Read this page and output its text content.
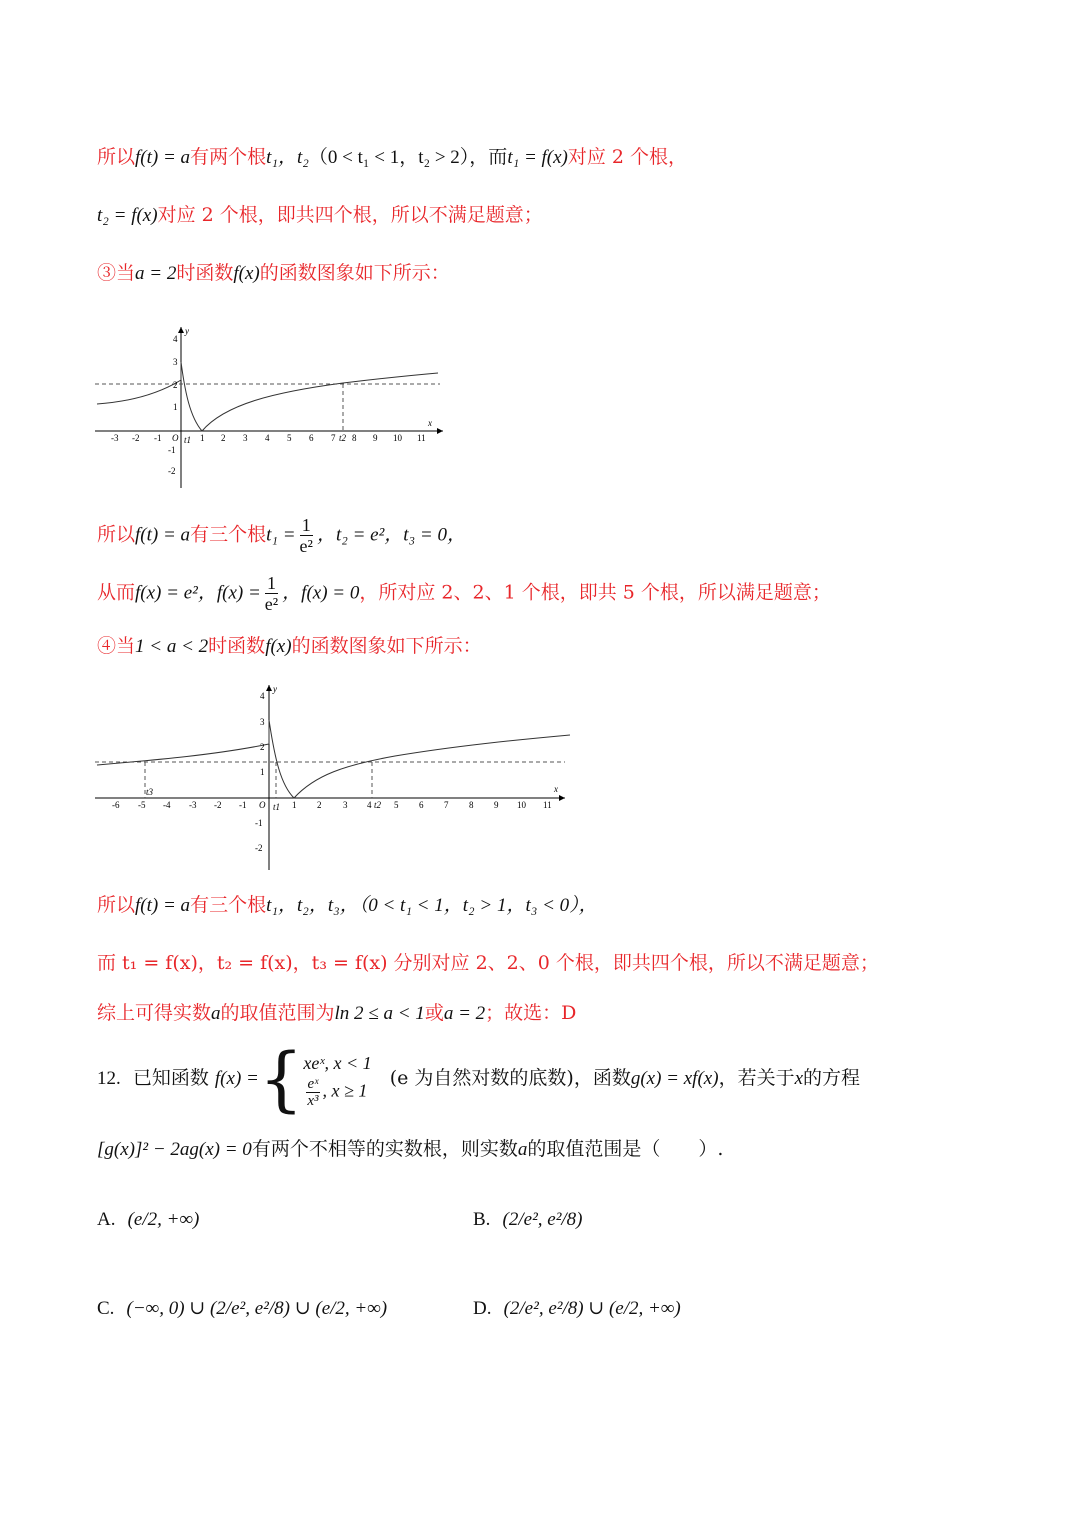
所以f(t) = a有两个根t₁，t₂（0 < t₁ < 1，t₂ > 2），而t₁ = f(x)对应 2 个根，
t₂ = f(x)对应 2 个根，即共四个根，所以不满足题意；
③当a = 2时函数f(x)的函数图象如下所示：
-3 -2 -1	1 2 3 4 5 6 7 8 9 10 11
4
3
2
1
-1
-2
O t1	t2
x
y
所以f(t) = a有三个根$t_1 = \frac{1}{\text{e²}}$ ，t₂ = e²，t₃ = 0，
从而f(x) = e²，$f(x) = \frac{1}{\text{e²}}$ ，f(x) = 0，所对应 2、2、1 个根，即共 5 个根，所以满足题意；
④当1 < a < 2时函数f(x)的函数图象如下所示：
-6 -5 -4 -3 -2 -1	1 2 3 4	5 6 7 8 9 10 11
4
3
2
1
-1
-2
O t1	t2
t3	x
y
所以f(t) = a有三个根t₁，t₂，t₃，（0 < t₁ < 1，t₂ > 1，t₃ < 0），
而 t₁ = f(x)，t₂ = f(x)，t₃ = f(x) 分别对应 2、2、0 个根，即共四个根，所以不满足题意；
综上可得实数a的取值范围为ln 2 ≤ a < 1或a = 2；故选：D
12. 已知函数 f(x) ={ xeˣ, x < 1
$\frac{\text{eˣ}}{\text{x³}}$ , x ≥ 1
(e 为自然对数的底数)，函数g(x) = xf(x)，若关于x的方程
[g(x)]² − 2ag(x) = 0有两个不相等的实数根，则实数a的取值范围是（　　）.
A. (e/2, +∞)	B. (2/e², e²/8)
C. (−∞, 0) ∪ (2/e², e²/8) ∪ (e/2, +∞)	D. (2/e², e²/8) ∪ (e/2, +∞)
